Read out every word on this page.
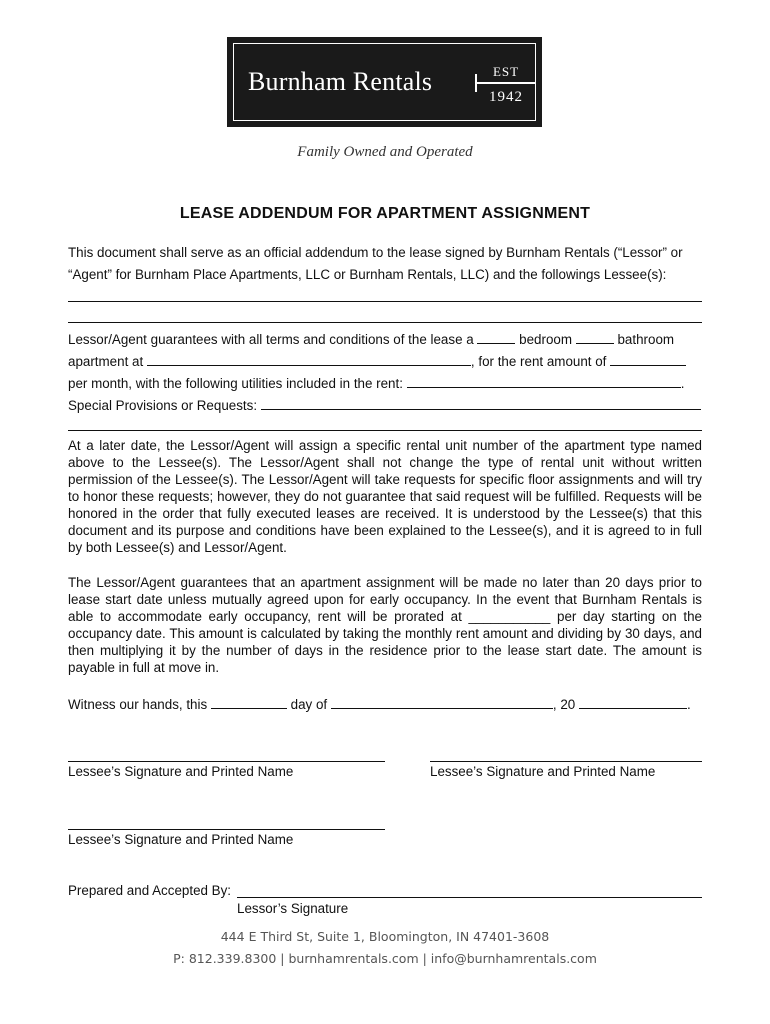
Burnham Rentals	EST
1942
Family Owned and Operated
LEASE ADDENDUM FOR APARTMENT ASSIGNMENT
This document shall serve as an official addendum to the lease signed by Burnham Rentals (“Lessor” or “Agent” for Burnham Place Apartments, LLC or Burnham Rentals, LLC) and the followings Lessee(s):
Lessor/Agent guarantees with all terms and conditions of the lease a	bedroom	bathroom
apartment at	, for the rent amount of
per month, with the following utilities included in the rent:	.
Special Provisions or Requests:
At a later date, the Lessor/Agent will assign a specific rental unit number of the apartment type named above to the Lessee(s). The Lessor/Agent shall not change the type of rental unit without written permission of the Lessee(s). The Lessor/Agent will take requests for specific floor assignments and will try to honor these requests; however, they do not guarantee that said request will be fulfilled. Requests will be honored in the order that fully executed leases are received. It is understood by the Lessee(s) that this document and its purpose and conditions have been explained to the Lessee(s), and it is agreed to in full by both Lessee(s) and Lessor/Agent.
The Lessor/Agent guarantees that an apartment assignment will be made no later than 20 days prior to lease start date unless mutually agreed upon for early occupancy. In the event that Burnham Rentals is able to accommodate early occupancy, rent will be prorated at ___________ per day starting on the occupancy date. This amount is calculated by taking the monthly rent amount and dividing by 30 days, and then multiplying it by the number of days in the residence prior to the lease start date. The amount is payable in full at move in.
Witness our hands, this	day of	, 20	.
Lessee’s Signature and Printed Name	Lessee’s Signature and Printed Name
Lessee’s Signature and Printed Name
Prepared and Accepted By:
Lessor’s Signature
444 E Third St, Suite 1, Bloomington, IN 47401-3608
P: 812.339.8300 | burnhamrentals.com | info@burnhamrentals.com
